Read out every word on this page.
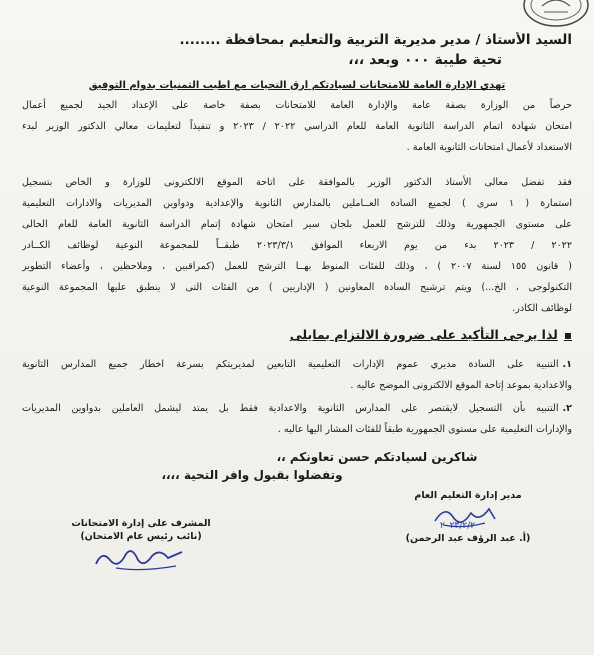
السيد الأستاذ / مدير مديرية التربية والتعليم بمحافظة ........

تحية طيبة ٠٠٠ وبعد ،،،

تهدي الإدارة العامة للامتحانات لسيادتكم أرق التحيات مع أطيب التمنيات بدوام التوفيق

حرصاً من الوزارة بصفة عامة والإدارة العامة للامتحانات بصفة خاصة على الإعداد الجيد لجميع أعمال

امتحان شهادة اتمام الدراسة الثانوية العامة للعام الدراسي ٢٠٢٢ / ٢٠٢٣ و تنفيذاً لتعليمات معالي الدكتور الوزير لبدء

الاستعداد لأعمال امتحانات الثانوية العامة .

فقد تفضل معالى الأستاذ الدكتور الوزير بالموافقة على اتاحة الموقع الالكترونى للوزارة و الخاص بتسجيل

استمارة ( ١ سرى ) لجميع السادة العــاملين بالمدارس الثانوية والإعدادية ودواوين المديريات والادارات التعليمية

على مستوى الجمهورية وذلك للترشح للعمل بلجان سير امتحان شهادة إتمام الدراسة الثانوية العامة للعام الحالى

٢٠٢٢ / ٢٠٢٣ بدء من يوم الاربعاء الموافق ٢٠٢٣/٣/١ طبقــاً للمجموعة النوعية لوظائف الكــادر

( قانون ١٥٥ لسنة ٢٠٠٧ ) ، وذلك للفئات المنوط بهــا الترشح للعمل (كمراقبين ، وملاحظين ، وأعضاء التطوير

التكنولوجى ، الخ...) ويتم ترشيح السادة المعاونين ( الإداريين ) من الفئات التى لا ينطبق عليها المجموعة النوعية

لوظائف الكادر.

▪
لذا يرجى التأكيد على ضرورة الالتزام بمايلى

١.التنبيه على السادة مديري عموم الإدارات التعليمية التابعين لمديريتكم بسرعة اخطار جميع المدارس الثانوية

والاعدادية بموعد إتاحة الموقع الالكترونى الموضح عاليه .

٢.التنبيه بأن التسجيل لايقتصر على المدارس الثانوية والاعدادية فقط بل يمتد ليشمل العاملين بدواوين المديريات

والإدارات التعليمية على مستوى الجمهورية طبقاً للفئات المشار اليها عاليه .

شاكرين لسيادتكم حسن تعاونكم ،،

وتفضلوا بقبول وافر التحية ،،،،

مدير إدارة التعليم العام

٢٠٢٣/٢/٢

(أ. عبد الرؤف عبد الرحمن)

المشرف على إدارة الامتحانات

(نائب رئيس عام الامتحان)
